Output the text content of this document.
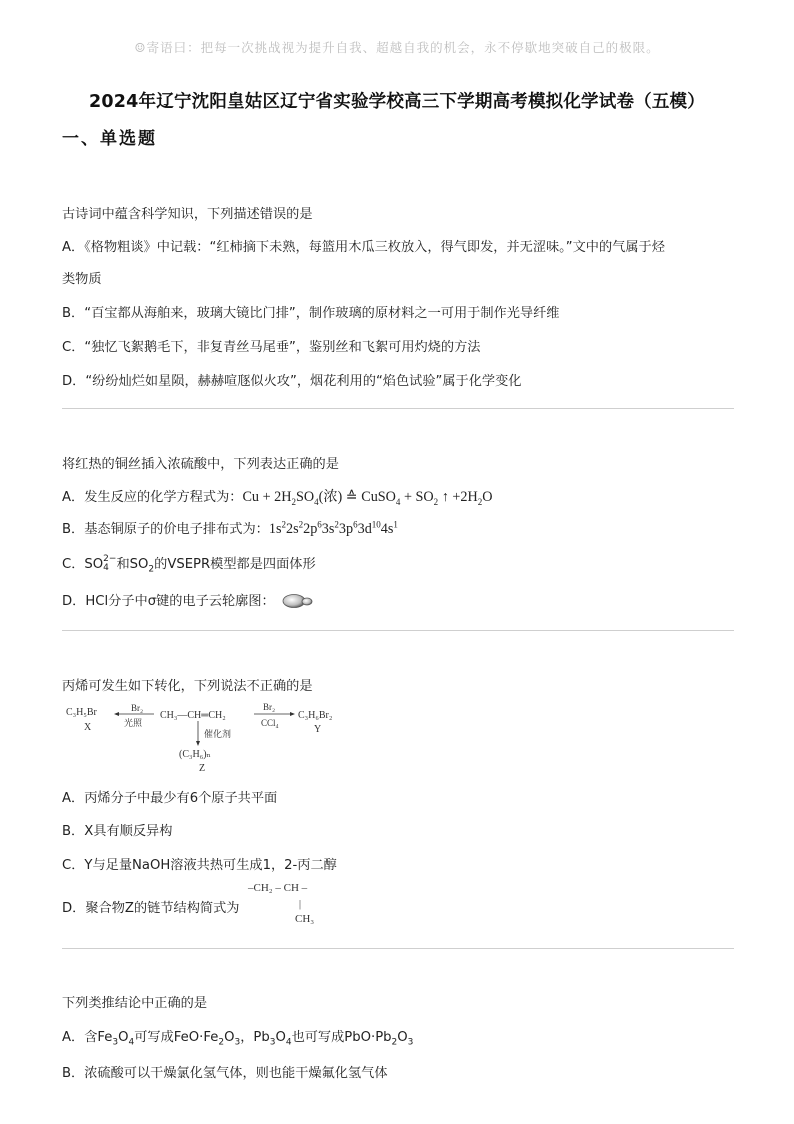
☺寄语曰：把每一次挑战视为提升自我、超越自我的机会，永不停歇地突破自己的极限。
2024年辽宁沈阳皇姑区辽宁省实验学校高三下学期高考模拟化学试卷（五模）
一、单选题
古诗词中蕴含科学知识，下列描述错误的是
A．《格物粗谈》中记载：“红柿摘下未熟，每篮用木瓜三枚放入，得气即发，并无涩味。”文中的气属于烃
类物质
B．“百宝都从海舶来，玻璃大镜比门排”，制作玻璃的原材料之一可用于制作光导纤维
C．“独忆飞絮鹅毛下，非复青丝马尾垂”，鉴别丝和飞絮可用灼烧的方法
D．“纷纷灿烂如星陨，赫赫喧豗似火攻”，烟花利用的“焰色试验”属于化学变化
将红热的铜丝插入浓硫酸中，下列表达正确的是
A．发生反应的化学方程式为：$Cu + 2H_2SO_4$(浓) ≙ CuSO$_4$ + $SO_2$ ↑ $+2H_2O$
B．基态铜原子的价电子排布式为：$1s^22s^22p^63s^23p^63d^{10}4s^1$
C．SO 2−
4 和$SO_2$的VSEPR模型都是四面体形
D．HCl分子中σ键的电子云轮廓图：
丙烯可发生如下转化，下列说法不正确的是
C₃H₅Br
X
Br₂
光照
CH₃—CH═CH₂
Br₂
CCl₄
C₃H₆Br₂
Y
催化剂
(C₃H₆)ₙ
Z
A．丙烯分子中最少有6个原子共平面
B．X具有顺反异构
C．Y与足量NaOH溶液共热可生成1，2-丙二醇
D．聚合物Z的链节结构简式为
–CH₂ – CH –
|
CH₃
下列类推结论中正确的是
A．含$Fe_3O_4$可写成$FeO\cdot Fe_2O_3$，$Pb_3O_4$也可写成$PbO\cdot Pb_2O_3$
B．浓硫酸可以干燥氯化氢气体，则也能干燥氟化氢气体
